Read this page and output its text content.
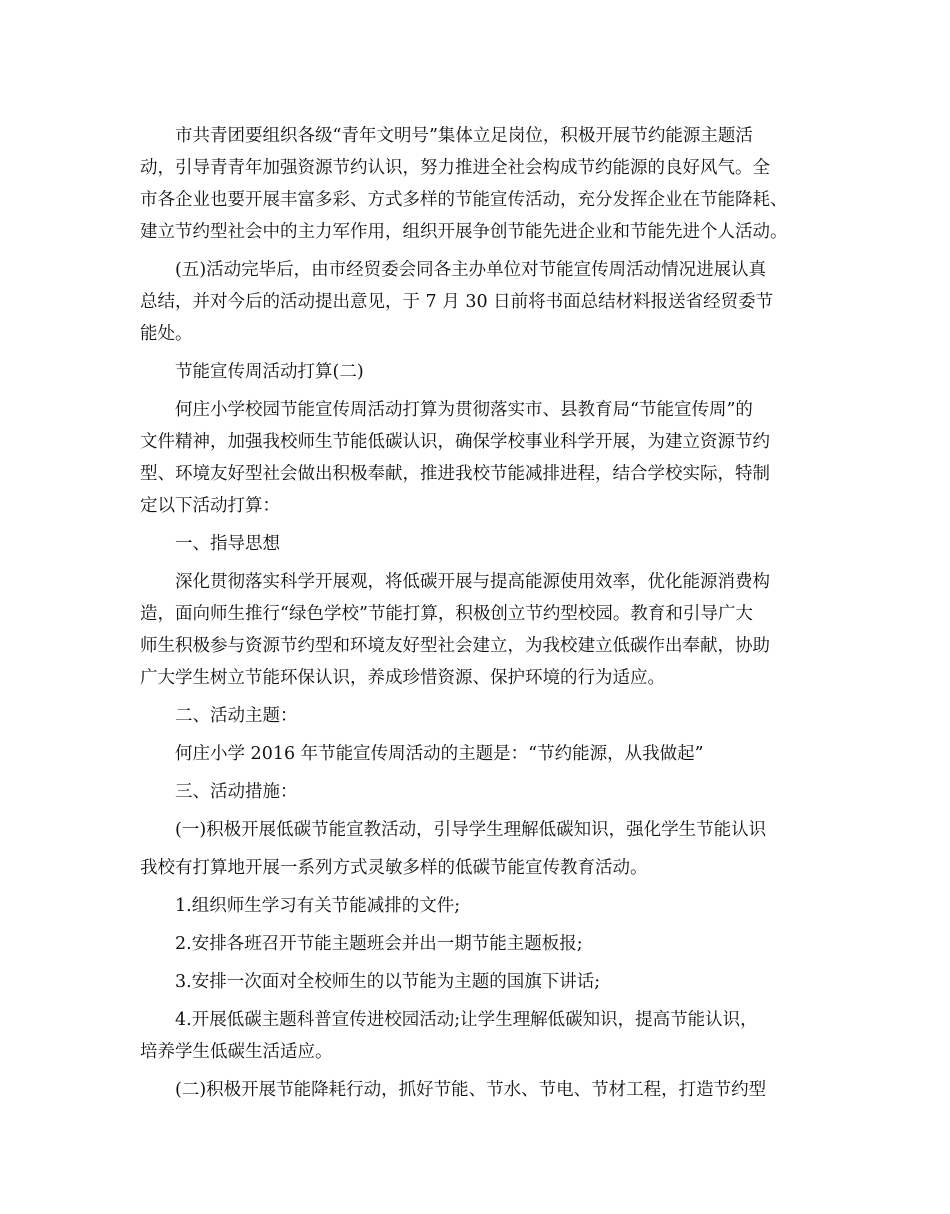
市共青团要组织各级“青年文明号”集体立足岗位，积极开展节约能源主题活
动，引导青青年加强资源节约认识，努力推进全社会构成节约能源的良好风气。全
市各企业也要开展丰富多彩、方式多样的节能宣传活动，充分发挥企业在节能降耗、
建立节约型社会中的主力军作用，组织开展争创节能先进企业和节能先进个人活动。
(五)活动完毕后，由市经贸委会同各主办单位对节能宣传周活动情况进展认真
总结，并对今后的活动提出意见，于 7 月 30 日前将书面总结材料报送省经贸委节
能处。
节能宣传周活动打算(二)
何庄小学校园节能宣传周活动打算为贯彻落实市、县教育局“节能宣传周”的
文件精神，加强我校师生节能低碳认识，确保学校事业科学开展，为建立资源节约
型、环境友好型社会做出积极奉献，推进我校节能减排进程，结合学校实际，特制
定以下活动打算：
一、指导思想
深化贯彻落实科学开展观，将低碳开展与提高能源使用效率，优化能源消费构
造，面向师生推行“绿色学校”节能打算，积极创立节约型校园。教育和引导广大
师生积极参与资源节约型和环境友好型社会建立，为我校建立低碳作出奉献，协助
广大学生树立节能环保认识，养成珍惜资源、保护环境的行为适应。
二、活动主题：
何庄小学 2016 年节能宣传周活动的主题是：“节约能源，从我做起”
三、活动措施：
(一)积极开展低碳节能宣教活动，引导学生理解低碳知识，强化学生节能认识
我校有打算地开展一系列方式灵敏多样的低碳节能宣传教育活动。
1.组织师生学习有关节能减排的文件;
2.安排各班召开节能主题班会并出一期节能主题板报;
3.安排一次面对全校师生的以节能为主题的国旗下讲话;
4.开展低碳主题科普宣传进校园活动;让学生理解低碳知识，提高节能认识，
培养学生低碳生活适应。
(二)积极开展节能降耗行动，抓好节能、节水、节电、节材工程，打造节约型
